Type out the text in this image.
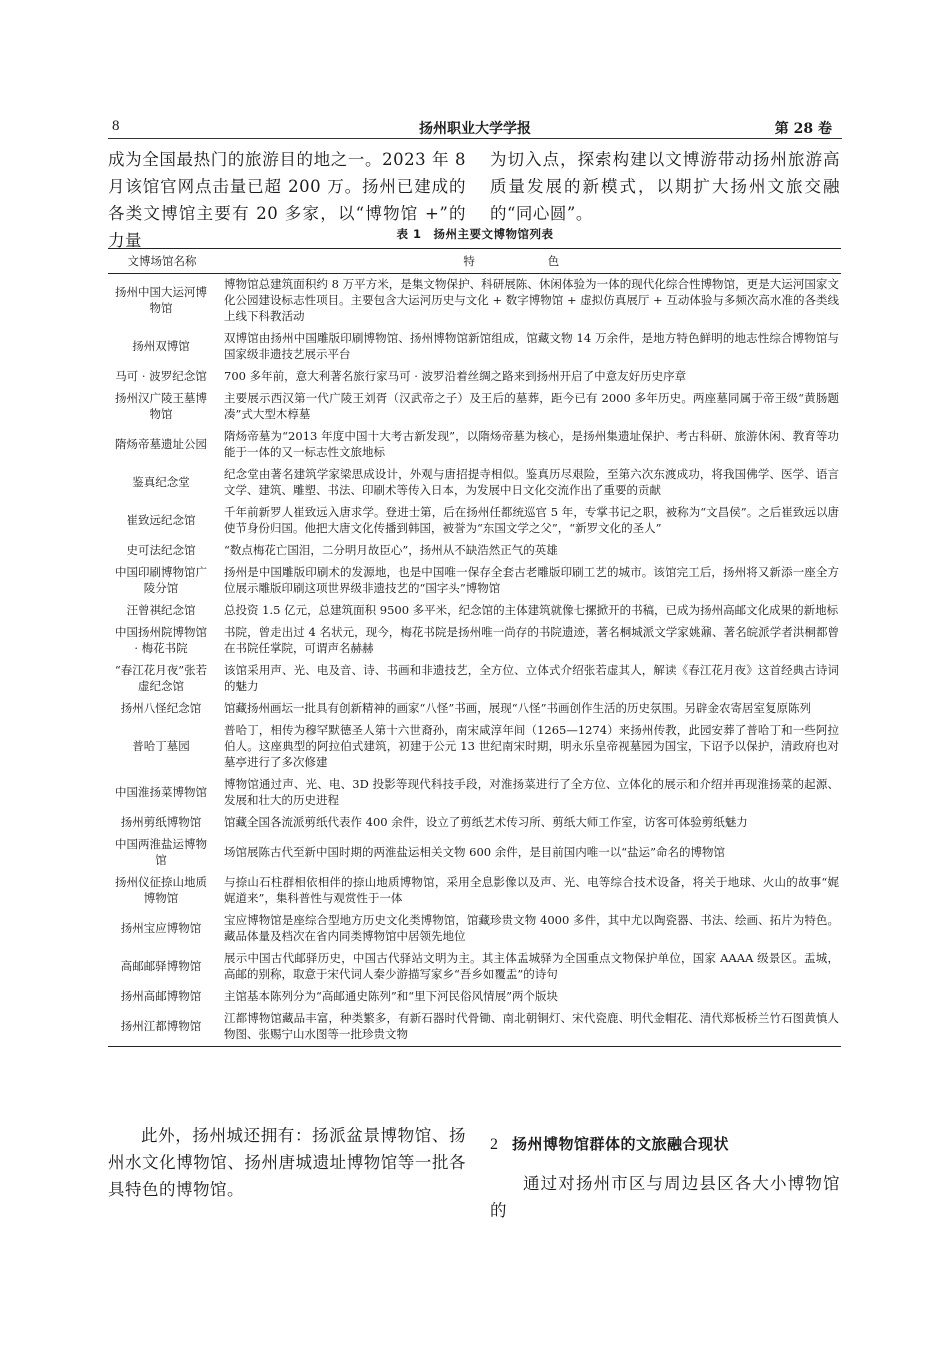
8	扬州职业大学学报	第 28 卷
成为全国最热门的旅游目的地之一。2023 年 8 月该馆官网点击量已超 200 万。扬州已建成的各类文博馆主要有 20 多家，以“博物馆 +”的力量
为切入点，探索构建以文博游带动扬州旅游高质量发展的新模式，以期扩大扬州文旅交融的“同心圆”。
表 1　扬州主要文博物馆列表
文博场馆名称	特 色
扬州中国大运河博物馆	博物馆总建筑面积约 8 万平方米，是集文物保护、科研展陈、休闲体验为一体的现代化综合性博物馆，更是大运河国家文化公园建设标志性项目。主要包含大运河历史与文化 + 数字博物馆 + 虚拟仿真展厅 + 互动体验与多频次高水准的各类线上线下科教活动
扬州双博馆	双博馆由扬州中国雕版印刷博物馆、扬州博物馆新馆组成，馆藏文物 14 万余件，是地方特色鲜明的地志性综合博物馆与国家级非遗技艺展示平台
马可 · 波罗纪念馆	700 多年前，意大利著名旅行家马可 · 波罗沿着丝绸之路来到扬州开启了中意友好历史序章
扬州汉广陵王墓博物馆	主要展示西汉第一代广陵王刘胥（汉武帝之子）及王后的墓葬，距今已有 2000 多年历史。两座墓同属于帝王级“黄肠题凑”式大型木椁墓
隋炀帝墓遗址公园	隋炀帝墓为“2013 年度中国十大考古新发现”，以隋炀帝墓为核心，是扬州集遗址保护、考古科研、旅游休闲、教育等功能于一体的又一标志性文旅地标
鉴真纪念堂	纪念堂由著名建筑学家梁思成设计，外观与唐招提寺相似。鉴真历尽艰险，至第六次东渡成功，将我国佛学、医学、语言文学、建筑、雕塑、书法、印刷术等传入日本，为发展中日文化交流作出了重要的贡献
崔致远纪念馆	千年前新罗人崔致远入唐求学。登进士第，后在扬州任都统巡官 5 年，专掌书记之职，被称为“文昌侯”。之后崔致远以唐使节身份归国。他把大唐文化传播到韩国，被誉为“东国文学之父”，“新罗文化的圣人”
史可法纪念馆	“数点梅花亡国泪，二分明月故臣心”，扬州从不缺浩然正气的英雄
中国印刷博物馆广陵分馆	扬州是中国雕版印刷术的发源地，也是中国唯一保存全套古老雕版印刷工艺的城市。该馆完工后，扬州将又新添一座全方位展示雕版印刷这项世界级非遗技艺的“国字头”博物馆
汪曾祺纪念馆	总投资 1.5 亿元，总建筑面积 9500 多平米，纪念馆的主体建筑就像七摞掀开的书稿，已成为扬州高邮文化成果的新地标
中国扬州院博物馆 · 梅花书院	书院，曾走出过 4 名状元，现今，梅花书院是扬州唯一尚存的书院遗迹，著名桐城派文学家姚鼐、著名皖派学者洪桐都曾在书院任掌院，可谓声名赫赫
“春江花月夜”张若虚纪念馆	该馆采用声、光、电及音、诗、书画和非遗技艺，全方位、立体式介绍张若虚其人，解读《春江花月夜》这首经典古诗词的魅力
扬州八怪纪念馆	馆藏扬州画坛一批具有创新精神的画家“八怪”书画，展现“八怪”书画创作生活的历史氛围。另辟金农寄居室复原陈列
普哈丁墓园	普哈丁，相传为穆罕默德圣人第十六世裔孙，南宋咸淳年间（1265—1274）来扬州传教，此园安葬了普哈丁和一些阿拉伯人。这座典型的阿拉伯式建筑，初建于公元 13 世纪南宋时期，明永乐皇帝视墓园为国宝，下诏予以保护，清政府也对墓亭进行了多次修建
中国淮扬菜博物馆	博物馆通过声、光、电、3D 投影等现代科技手段，对淮扬菜进行了全方位、立体化的展示和介绍并再现淮扬菜的起源、发展和壮大的历史进程
扬州剪纸博物馆	馆藏全国各流派剪纸代表作 400 余件，设立了剪纸艺术传习所、剪纸大师工作室，访客可体验剪纸魅力
中国两淮盐运博物馆	场馆展陈古代至新中国时期的两淮盐运相关文物 600 余件，是目前国内唯一以“盐运”命名的博物馆
扬州仪征捺山地质博物馆	与捺山石柱群相依相伴的捺山地质博物馆，采用全息影像以及声、光、电等综合技术设备，将关于地球、火山的故事“娓娓道来”，集科普性与观赏性于一体
扬州宝应博物馆	宝应博物馆是座综合型地方历史文化类博物馆，馆藏珍贵文物 4000 多件，其中尤以陶瓷器、书法、绘画、拓片为特色。藏品体量及档次在省内同类博物馆中居领先地位
高邮邮驿博物馆	展示中国古代邮驿历史，中国古代驿站文明为主。其主体盂城驿为全国重点文物保护单位，国家 AAAA 级景区。盂城，高邮的别称，取意于宋代词人秦少游描写家乡“吾乡如覆盂”的诗句
扬州高邮博物馆	主馆基本陈列分为“高邮通史陈列”和“里下河民俗风情展”两个版块
扬州江都博物馆	江都博物馆藏品丰富，种类繁多，有新石器时代骨锄、南北朝铜灯、宋代瓷鹿、明代金帽花、清代郑板桥兰竹石图黄慎人物图、张赐宁山水图等一批珍贵文物
此外，扬州城还拥有：扬派盆景博物馆、扬州水文化博物馆、扬州唐城遗址博物馆等一批各具特色的博物馆。
2 扬州博物馆群体的文旅融合现状
通过对扬州市区与周边县区各大小博物馆的
